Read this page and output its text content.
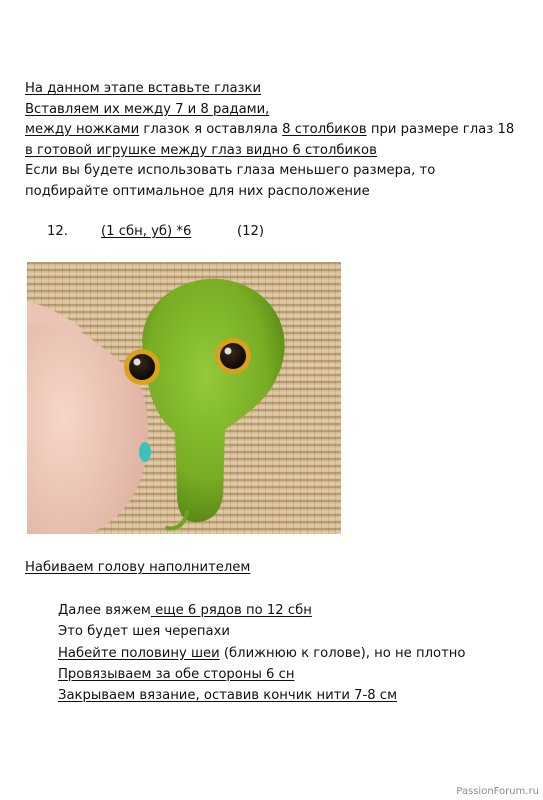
На данном этапе вставьте глазки

Вставляем их между 7 и 8 радами,

между ножками глазок я оставляла 8 столбиков при размере глаз 18

в готовой игрушке между глаз видно 6 столбиков

Если вы будете использовать глаза меньшего размера, то

подбирайте оптимальное для них расположение

12.	(1 сбн, уб) *6	(12)

Набиваем голову наполнителем

Далее вяжем еще 6 рядов по 12 сбн

Это будет шея черепахи

Набейте половину шеи (ближнюю к голове), но не плотно

Провязываем за обе стороны 6 сн

Закрываем вязание, оставив кончик нити 7-8 см

PassionForum.ru
